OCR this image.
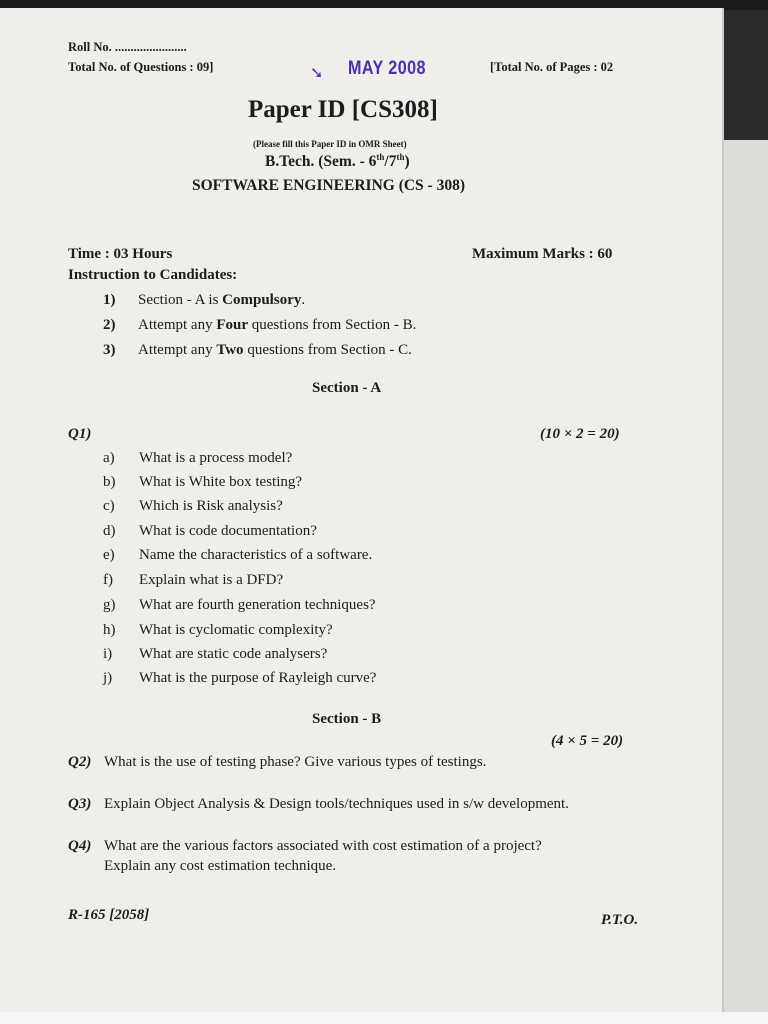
Roll No. .......................
Total No. of Questions : 09]	➘ MAY 2008	[Total No. of Pages : 02
Paper ID [CS308]
(Please fill this Paper ID in OMR Sheet)
B.Tech. (Sem. - 6th/7th)
SOFTWARE ENGINEERING (CS - 308)
Time : 03 Hours	Maximum Marks : 60
Instruction to Candidates:
1) Section - A is Compulsory.
2) Attempt any Four questions from Section - B.
3) Attempt any Two questions from Section - C.
Section - A
Q1)	(10 × 2 = 20)
a) What is a process model?
b) What is White box testing?
c) Which is Risk analysis?
d) What is code documentation?
e) Name the characteristics of a software.
f) Explain what is a DFD?
g) What are fourth generation techniques?
h) What is cyclomatic complexity?
i) What are static code analysers?
j) What is the purpose of Rayleigh curve?
Section - B
(4 × 5 = 20)
Q2) What is the use of testing phase? Give various types of testings.
Q3) Explain Object Analysis & Design tools/techniques used in s/w development.
Q4) What are the various factors associated with cost estimation of a project?
Explain any cost estimation technique.
R-165 [2058]	P.T.O.
